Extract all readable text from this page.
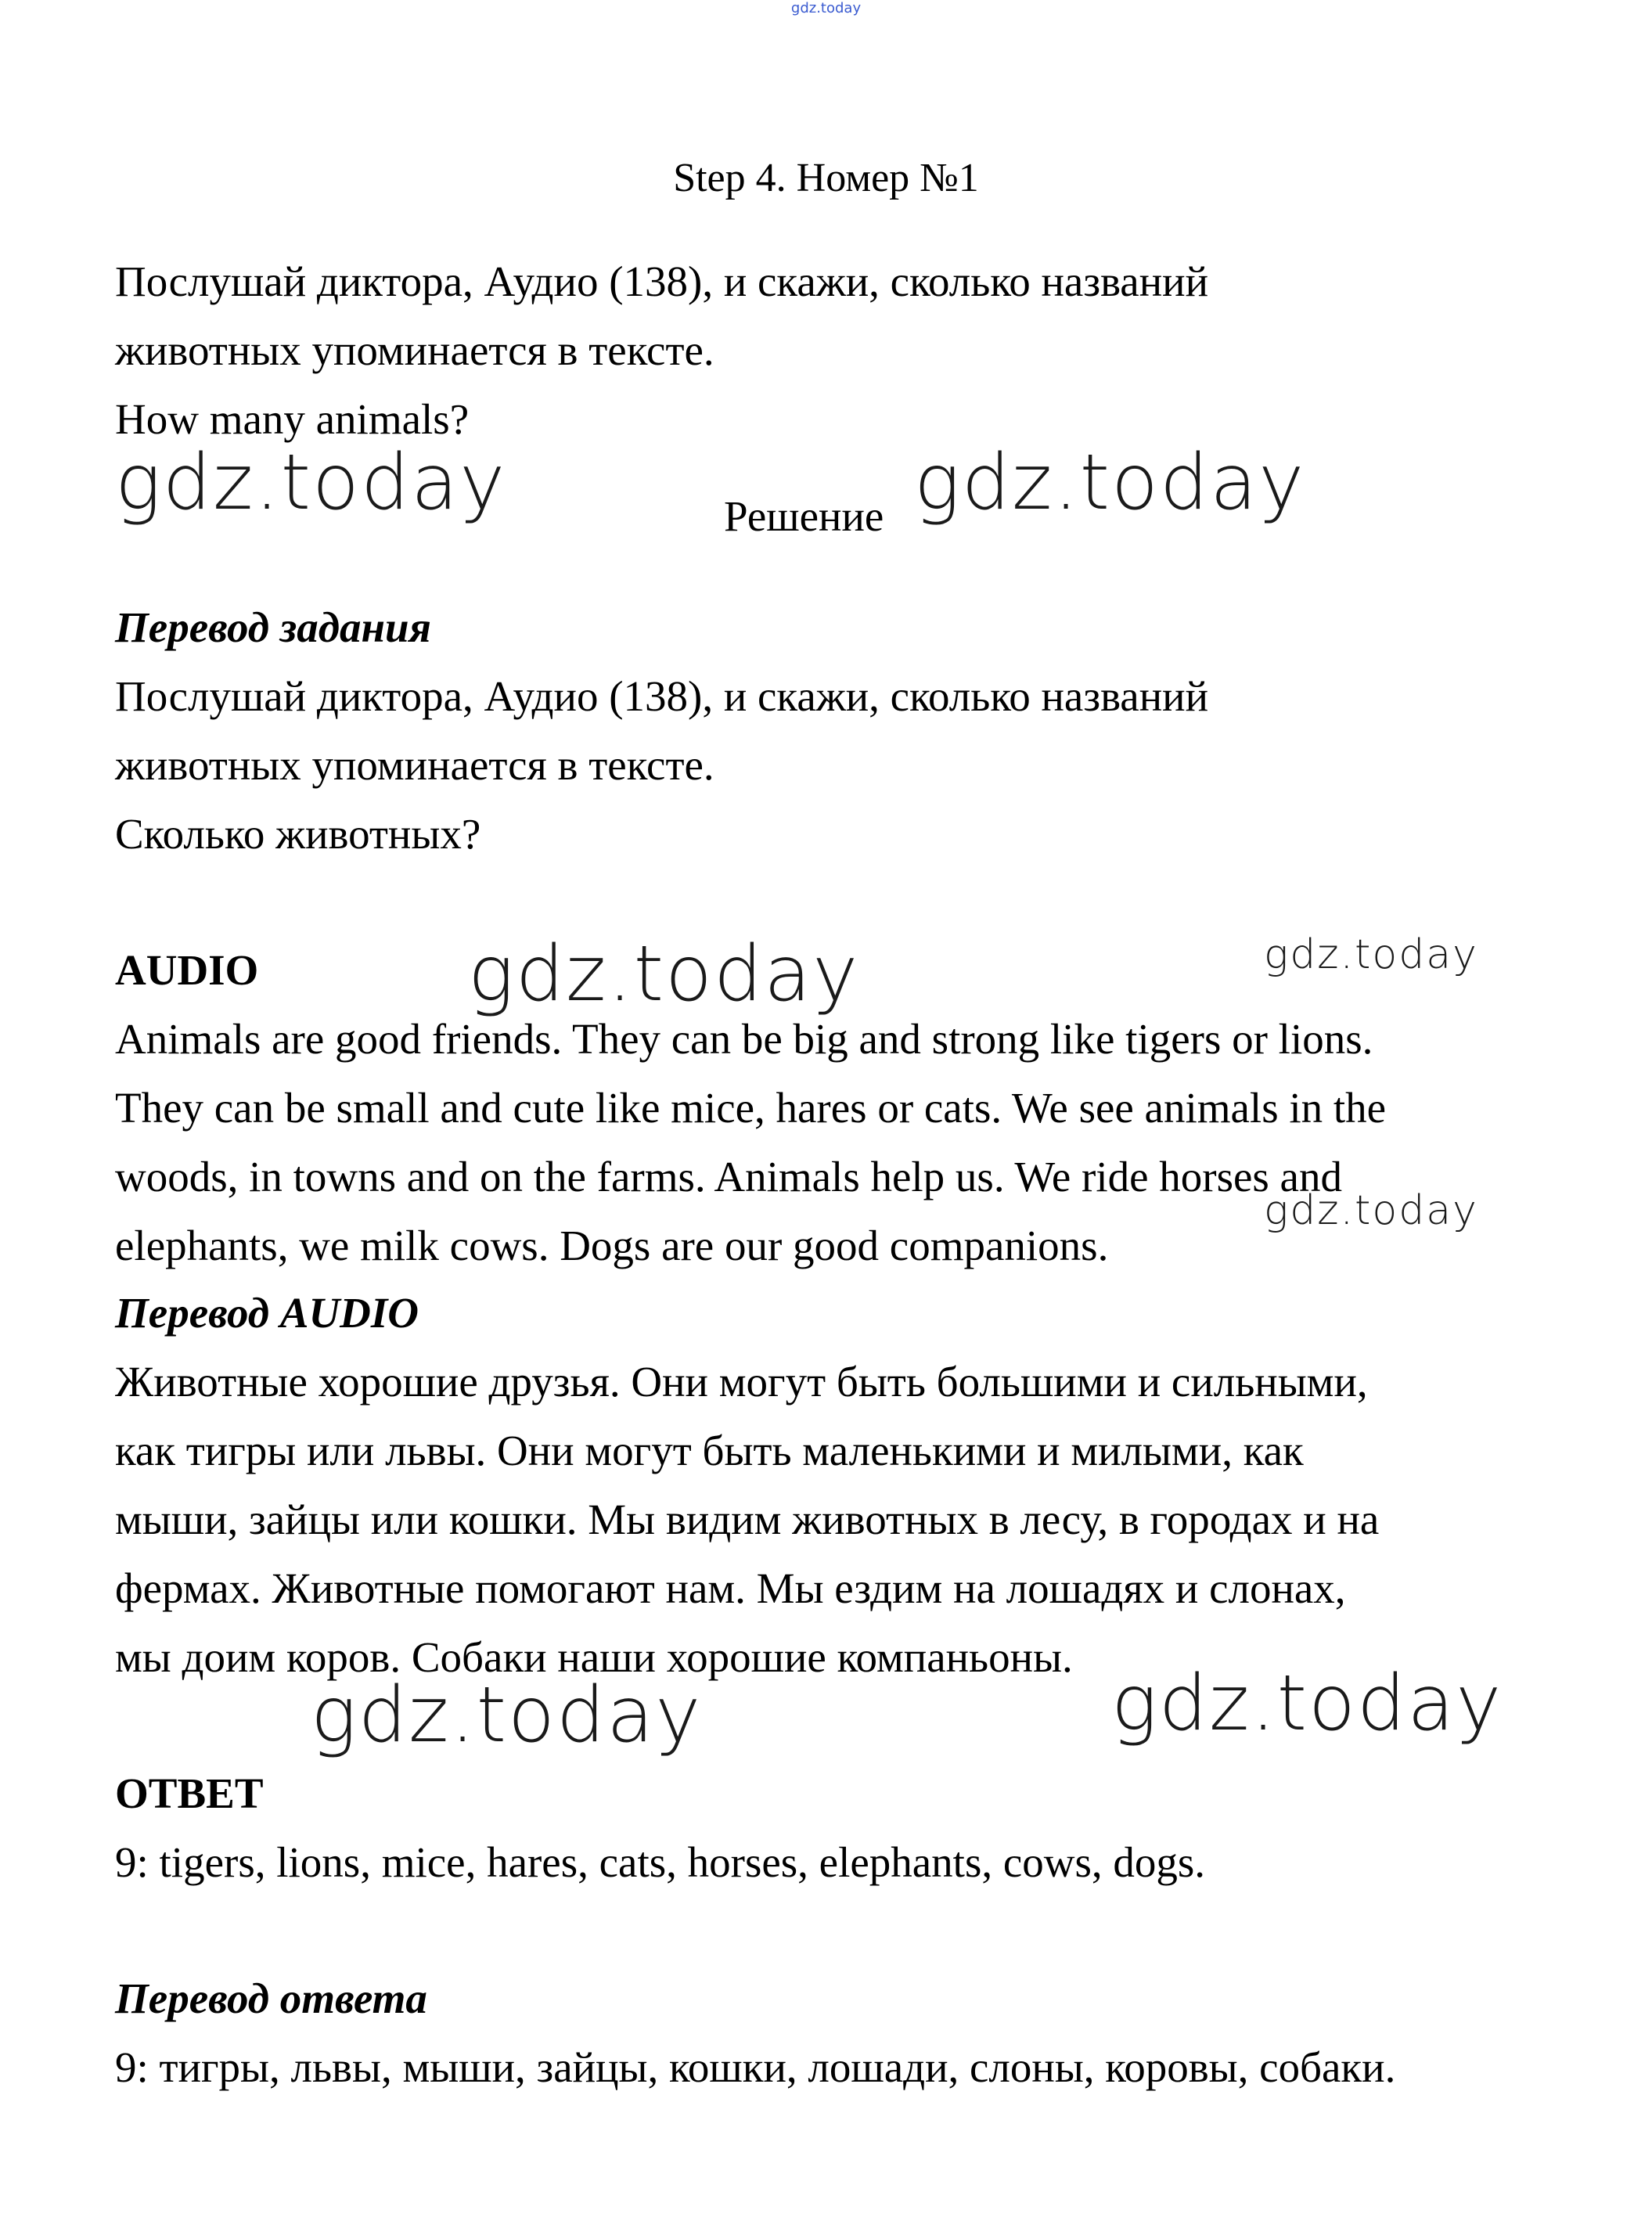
gdz.today
Step 4. Номер №1
Послушай диктора, Аудио (138), и скажи, сколько названий
животных упоминается в тексте.
How many animals?
gdz.today	Решение gdz.today
Перевод задания
Послушай диктора, Аудио (138), и скажи, сколько названий
животных упоминается в тексте.
Сколько животных?
AUDIO
Animals are good friends. They can be big and strong like tigers or lions.
They can be small and cute like mice, hares or cats. We see animals in the
woods, in towns and on the farms. Animals help us. We ride horses and
elephants, we milk cows. Dogs are our good companions.
gdz.today	gdz.today
gdz.today
Перевод AUDIO
Животные хорошие друзья. Они могут быть большими и сильными,
как тигры или львы. Они могут быть маленькими и милыми, как
мыши, зайцы или кошки. Мы видим животных в лесу, в городах и на
фермах. Животные помогают нам. Мы ездим на лошадях и слонах,
мы доим коров. Собаки наши хорошие компаньоны.
gdz.today	gdz.today
ОТВЕТ
9: tigers, lions, mice, hares, cats, horses, elephants, cows, dogs.
Перевод ответа
9: тигры, львы, мыши, зайцы, кошки, лошади, слоны, коровы, собаки.
